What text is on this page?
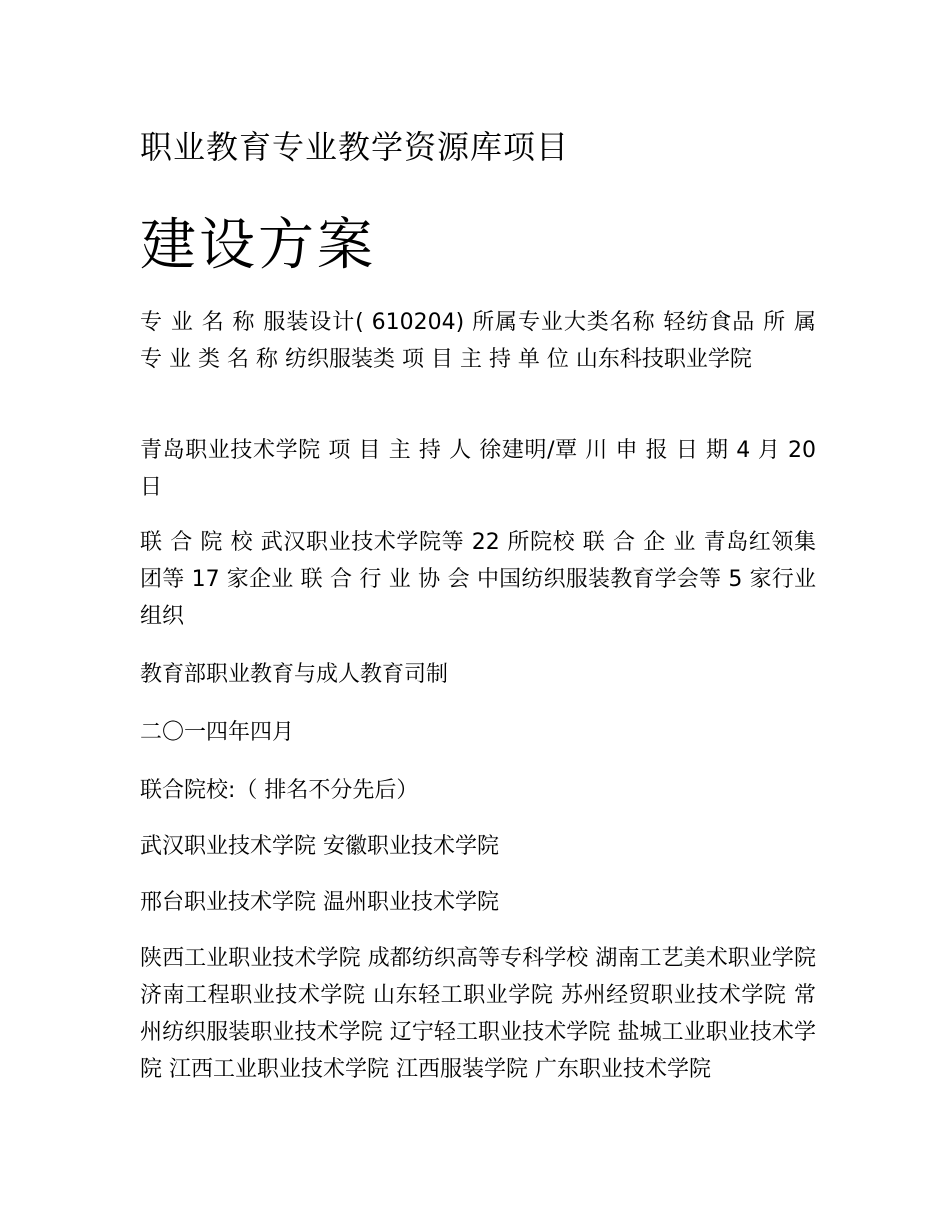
职业教育专业教学资源库项目
建设方案
专 业 名 称 服装设计( 610204) 所属专业大类名称 轻纺食品 所 属 专 业 类 名 称 纺织服装类 项 目 主 持 单 位 山东科技职业学院
青岛职业技术学院 项 目 主 持 人 徐建明/覃 川 申 报 日 期 4 月 20 日
联 合 院 校 武汉职业技术学院等 22 所院校 联 合 企 业 青岛红领集团等 17 家企业 联 合 行 业 协 会 中国纺织服装教育学会等 5 家行业组织
教育部职业教育与成人教育司制
二〇一四年四月
联合院校:（ 排名不分先后）
武汉职业技术学院 安徽职业技术学院
邢台职业技术学院 温州职业技术学院
陕西工业职业技术学院 成都纺织高等专科学校 湖南工艺美术职业学院 济南工程职业技术学院 山东轻工职业学院 苏州经贸职业技术学院 常州纺织服装职业技术学院 辽宁轻工职业技术学院 盐城工业职业技术学院 江西工业职业技术学院 江西服装学院 广东职业技术学院
